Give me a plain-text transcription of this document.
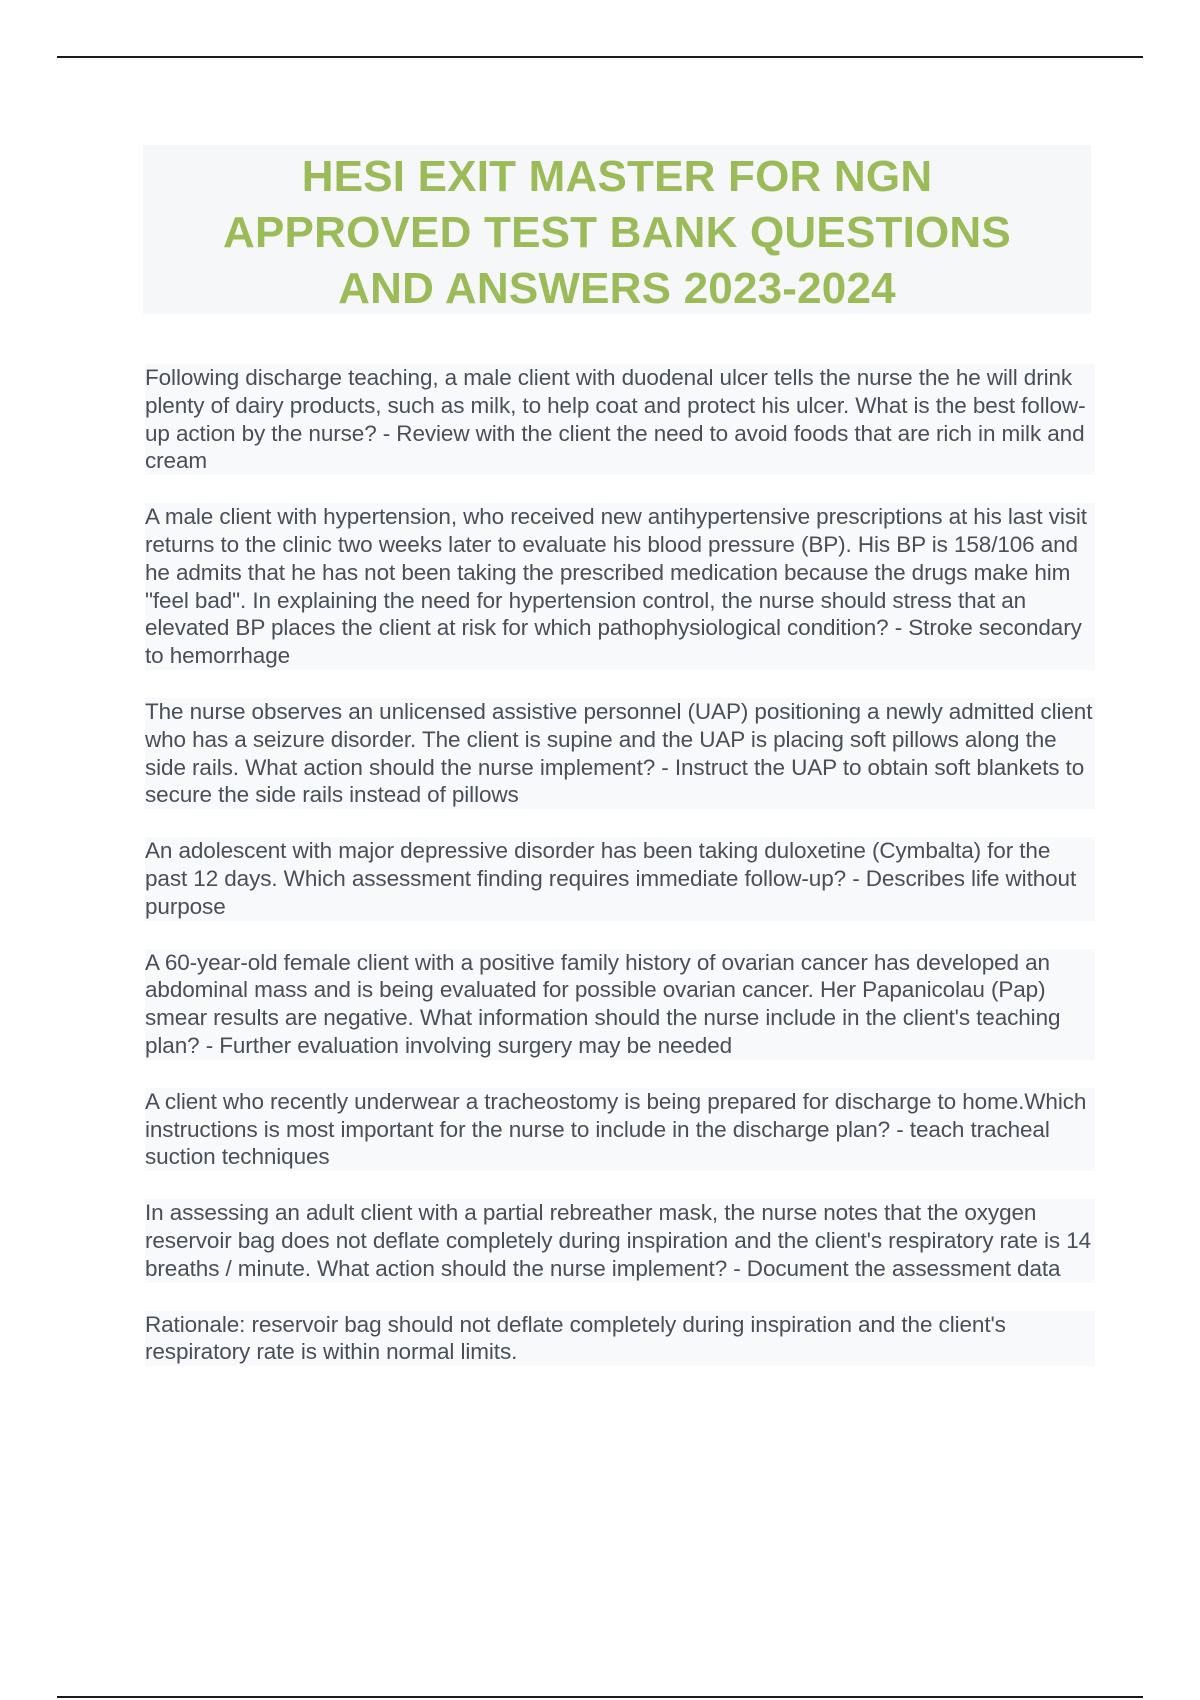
HESI EXIT MASTER FOR NGN
APPROVED TEST BANK QUESTIONS
AND ANSWERS 2023-2024

Following discharge teaching, a male client with duodenal ulcer tells the nurse the he will drink plenty of dairy products, such as milk, to help coat and protect his ulcer. What is the best follow-up action by the nurse? - Review with the client the need to avoid foods that are rich in milk and cream

A male client with hypertension, who received new antihypertensive prescriptions at his last visit returns to the clinic two weeks later to evaluate his blood pressure (BP). His BP is 158/106 and he admits that he has not been taking the prescribed medication because the drugs make him "feel bad". In explaining the need for hypertension control, the nurse should stress that an elevated BP places the client at risk for which pathophysiological condition? - Stroke secondary to hemorrhage

The nurse observes an unlicensed assistive personnel (UAP) positioning a newly admitted client who has a seizure disorder. The client is supine and the UAP is placing soft pillows along the side rails. What action should the nurse implement? - Instruct the UAP to obtain soft blankets to secure the side rails instead of pillows

An adolescent with major depressive disorder has been taking duloxetine (Cymbalta) for the past 12 days. Which assessment finding requires immediate follow-up? - Describes life without purpose

A 60-year-old female client with a positive family history of ovarian cancer has developed an abdominal mass and is being evaluated for possible ovarian cancer. Her Papanicolau (Pap) smear results are negative. What information should the nurse include in the client's teaching plan? - Further evaluation involving surgery may be needed

A client who recently underwear a tracheostomy is being prepared for discharge to home.Which instructions is most important for the nurse to include in the discharge plan? - teach tracheal suction techniques

In assessing an adult client with a partial rebreather mask, the nurse notes that the oxygen reservoir bag does not deflate completely during inspiration and the client's respiratory rate is 14 breaths / minute. What action should the nurse implement? - Document the assessment data

Rationale: reservoir bag should not deflate completely during inspiration and the client's respiratory rate is within normal limits.
